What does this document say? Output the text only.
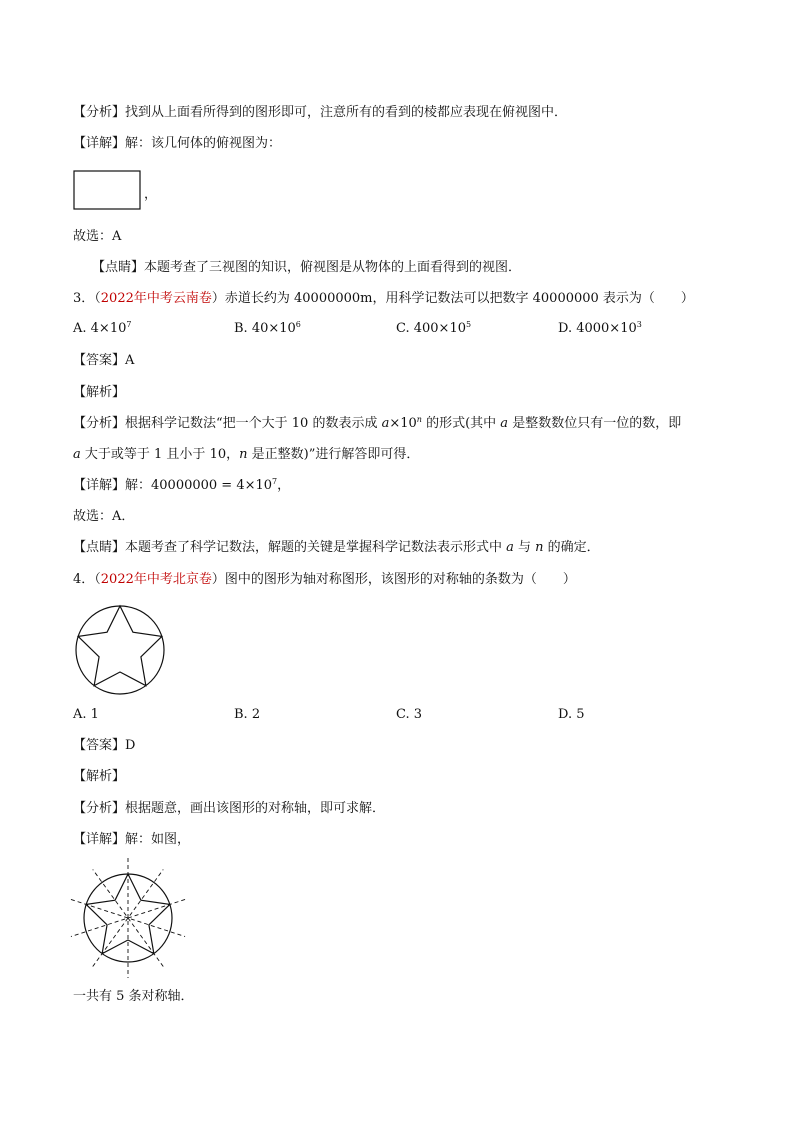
【分析】找到从上面看所得到的图形即可，注意所有的看到的棱都应表现在俯视图中．
【详解】解：该几何体的俯视图为：
，
故选：A
【点睛】本题考查了三视图的知识，俯视图是从物体的上面看得到的视图．
3．（2022年中考云南卷）赤道长约为 40000000m，用科学记数法可以把数字 40000000 表示为（　　）
A. $4\times 10^7$	B. $40\times 10^6$	C. $400\times 10^5$	D. $4000\times 10^3$
【答案】A
【解析】
【分析】根据科学记数法“把一个大于 10 的数表示成 $a\times 10^n$ 的形式(其中 a 是整数数位只有一位的数，即
a 大于或等于 1 且小于 10，n 是正整数)”进行解答即可得．
【详解】解：$40000000 = 4\times 10^7$，
故选：A．
【点睛】本题考查了科学记数法，解题的关键是掌握科学记数法表示形式中 a 与 n 的确定．
4．（2022年中考北京卷）图中的图形为轴对称图形，该图形的对称轴的条数为（　　）
A. 1	B. 2	C. 3	D. 5
【答案】D
【解析】
【分析】根据题意，画出该图形的对称轴，即可求解．
【详解】解：如图，
一共有 5 条对称轴．
